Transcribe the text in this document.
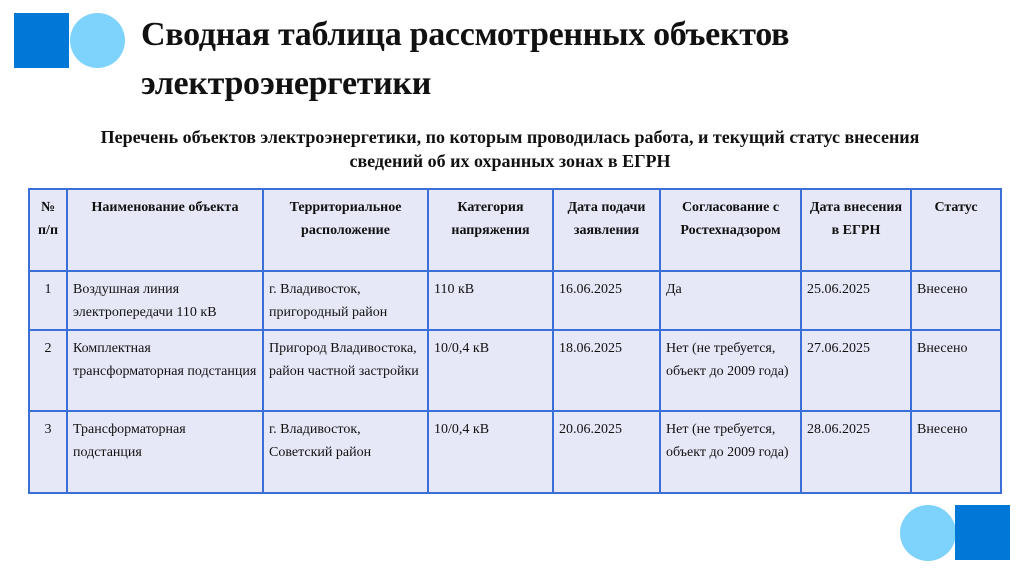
Сводная таблица рассмотренных объектов электроэнергетики
Перечень объектов электроэнергетики, по которым проводилась работа, и текущий статус внесения сведений об их охранных зонах в ЕГРН
№ п/п	Наименование объекта	Территориальное расположение	Категория напряжения	Дата подачи заявления	Согласование с Ростехнадзором	Дата внесения в ЕГРН	Статус
1	Воздушная линия электропередачи 110 кВ	г. Владивосток, пригородный район	110 кВ	16.06.2025	Да	25.06.2025	Внесено
2	Комплектная трансформаторная подстанция	Пригород Владивостока, район частной застройки	10/0,4 кВ	18.06.2025	Нет (не требуется, объект до 2009 года)	27.06.2025	Внесено
3	Трансформаторная подстанция	г. Владивосток, Советский район	10/0,4 кВ	20.06.2025	Нет (не требуется, объект до 2009 года)	28.06.2025	Внесено
